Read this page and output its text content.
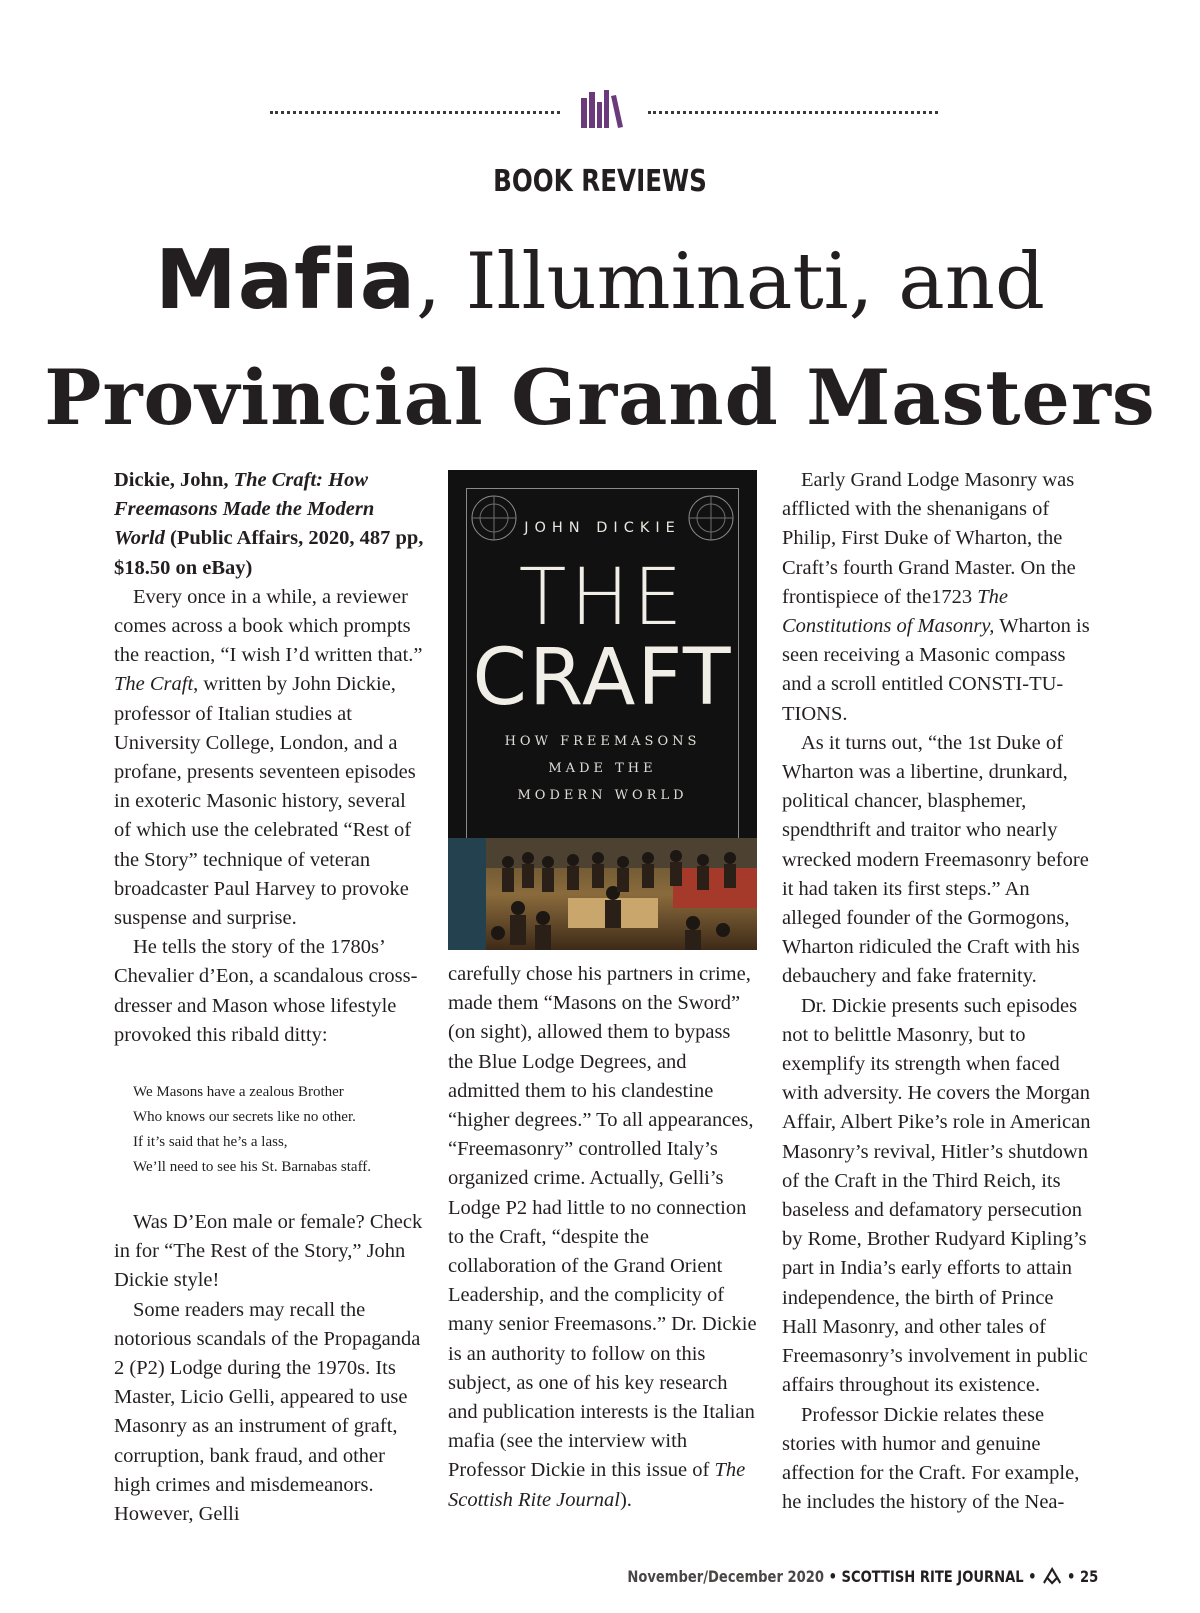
BOOK REVIEWS
Mafia, Illuminati, and
Provincial Grand Masters

Dickie, John, The Craft: How Freemasons Made the Modern World (Public Affairs, 2020, 487 pp, $18.50 on eBay)

Every once in a while, a reviewer comes across a book which prompts the reaction, “I wish I’d written that.” The Craft, written by John Dickie, professor of Italian studies at University College, London, and a profane, presents seventeen episodes in exoteric Masonic history, several of which use the celebrated “Rest of the Story” technique of veteran broadcaster Paul Harvey to provoke suspense and surprise.

He tells the story of the 1780s’ Chevalier d’Eon, a scandalous cross-dresser and Mason whose lifestyle provoked this ribald ditty:

We Masons have a zealous Brother
Who knows our secrets like no other.
If it’s said that he’s a lass,
We’ll need to see his St. Barnabas staff.

Was D’Eon male or female? Check in for “The Rest of the Story,” John Dickie style!

Some readers may recall the notorious scandals of the Propaganda 2 (P2) Lodge during the 1970s. Its Master, Licio Gelli, appeared to use Masonry as an instrument of graft, corruption, bank fraud, and other high crimes and misdemeanors. However, Gelli

JOHN DICKIE
THE
CRAFT
HOW FREEMASONS
MADE THE
MODERN WORLD

carefully chose his partners in crime, made them “Masons on the Sword” (on sight), allowed them to bypass the Blue Lodge Degrees, and admitted them to his clandestine “higher degrees.” To all appearances, “Freemasonry” controlled Italy’s organized crime. Actually, Gelli’s Lodge P2 had little to no connection to the Craft, “despite the collaboration of the Grand Orient Leadership, and the complicity of many senior Freemasons.” Dr. Dickie is an authority to follow on this subject, as one of his key research and publication interests is the Italian mafia (see the interview with Professor Dickie in this issue of The Scottish Rite Journal).

Early Grand Lodge Masonry was afflicted with the shenanigans of Philip, First Duke of Wharton, the Craft’s fourth Grand Master. On the frontispiece of the1723 The Constitutions of Masonry, Wharton is seen receiving a Masonic compass and a scroll entitled CONSTI-TU-TIONS.

As it turns out, “the 1st Duke of Wharton was a libertine, drunkard, political chancer, blasphemer, spendthrift and traitor who nearly wrecked modern Freemasonry before it had taken its first steps.” An alleged founder of the Gormogons, Wharton ridiculed the Craft with his debauchery and fake fraternity.

Dr. Dickie presents such episodes not to belittle Masonry, but to exemplify its strength when faced with adversity. He covers the Morgan Affair, Albert Pike’s role in American Masonry’s revival, Hitler’s shutdown of the Craft in the Third Reich, its baseless and defamatory persecution by Rome, Brother Rudyard Kipling’s part in India’s early efforts to attain independence, the birth of Prince Hall Masonry, and other tales of Freemasonry’s involvement in public affairs throughout its existence.

Professor Dickie relates these stories with humor and genuine affection for the Craft. For example, he includes the history of the Nea-

November/December 2020 • SCOTTISH RITE JOURNAL •  • 25
